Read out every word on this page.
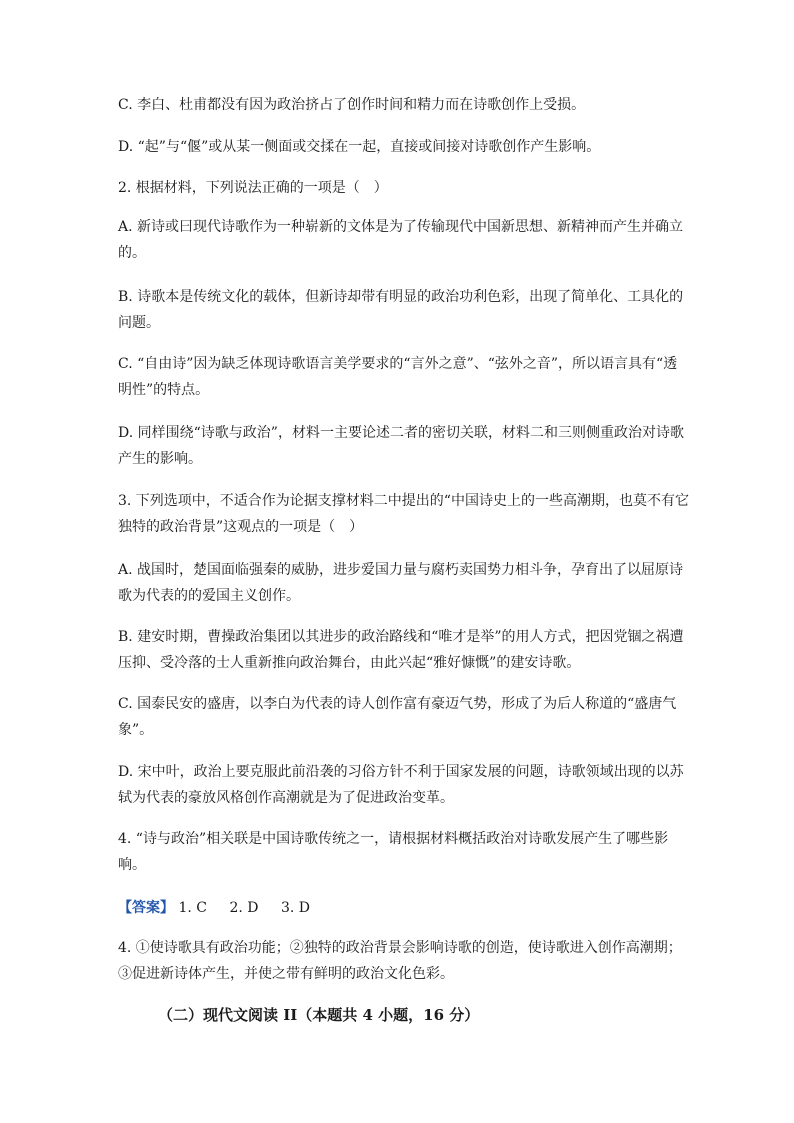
C. 李白、杜甫都没有因为政治挤占了创作时间和精力而在诗歌创作上受损。

D. “起”与“偃”或从某一侧面或交揉在一起，直接或间接对诗歌创作产生影响。

2. 根据材料，下列说法正确的一项是（　）

A. 新诗或曰现代诗歌作为一种崭新的文体是为了传输现代中国新思想、新精神而产生并确立的。

B. 诗歌本是传统文化的载体，但新诗却带有明显的政治功利色彩，出现了简单化、工具化的问题。

C. “自由诗”因为缺乏体现诗歌语言美学要求的“言外之意”、“弦外之音”，所以语言具有“透明性”的特点。

D. 同样围绕“诗歌与政治”，材料一主要论述二者的密切关联，材料二和三则侧重政治对诗歌产生的影响。

3. 下列选项中，不适合作为论据支撑材料二中提出的“中国诗史上的一些高潮期，也莫不有它独特的政治背景”这观点的一项是（　）

A. 战国时，楚国面临强秦的威胁，进步爱国力量与腐朽卖国势力相斗争，孕育出了以屈原诗歌为代表的的爱国主义创作。

B. 建安时期，曹操政治集团以其进步的政治路线和“唯才是举”的用人方式，把因党锢之祸遭压抑、受冷落的士人重新推向政治舞台，由此兴起“雅好慷慨”的建安诗歌。

C. 国泰民安的盛唐，以李白为代表的诗人创作富有豪迈气势，形成了为后人称道的“盛唐气象”。

D. 宋中叶，政治上要克服此前沿袭的习俗方针不利于国家发展的问题，诗歌领域出现的以苏轼为代表的豪放风格创作高潮就是为了促进政治变革。

4. “诗与政治”相关联是中国诗歌传统之一，请根据材料概括政治对诗歌发展产生了哪些影响。

【答案】 1. C 2. D 3. D

4. ①使诗歌具有政治功能；②独特的政治背景会影响诗歌的创造，使诗歌进入创作高潮期；③促进新诗体产生，并使之带有鲜明的政治文化色彩。

（二）现代文阅读 II（本题共 4 小题，16 分）
